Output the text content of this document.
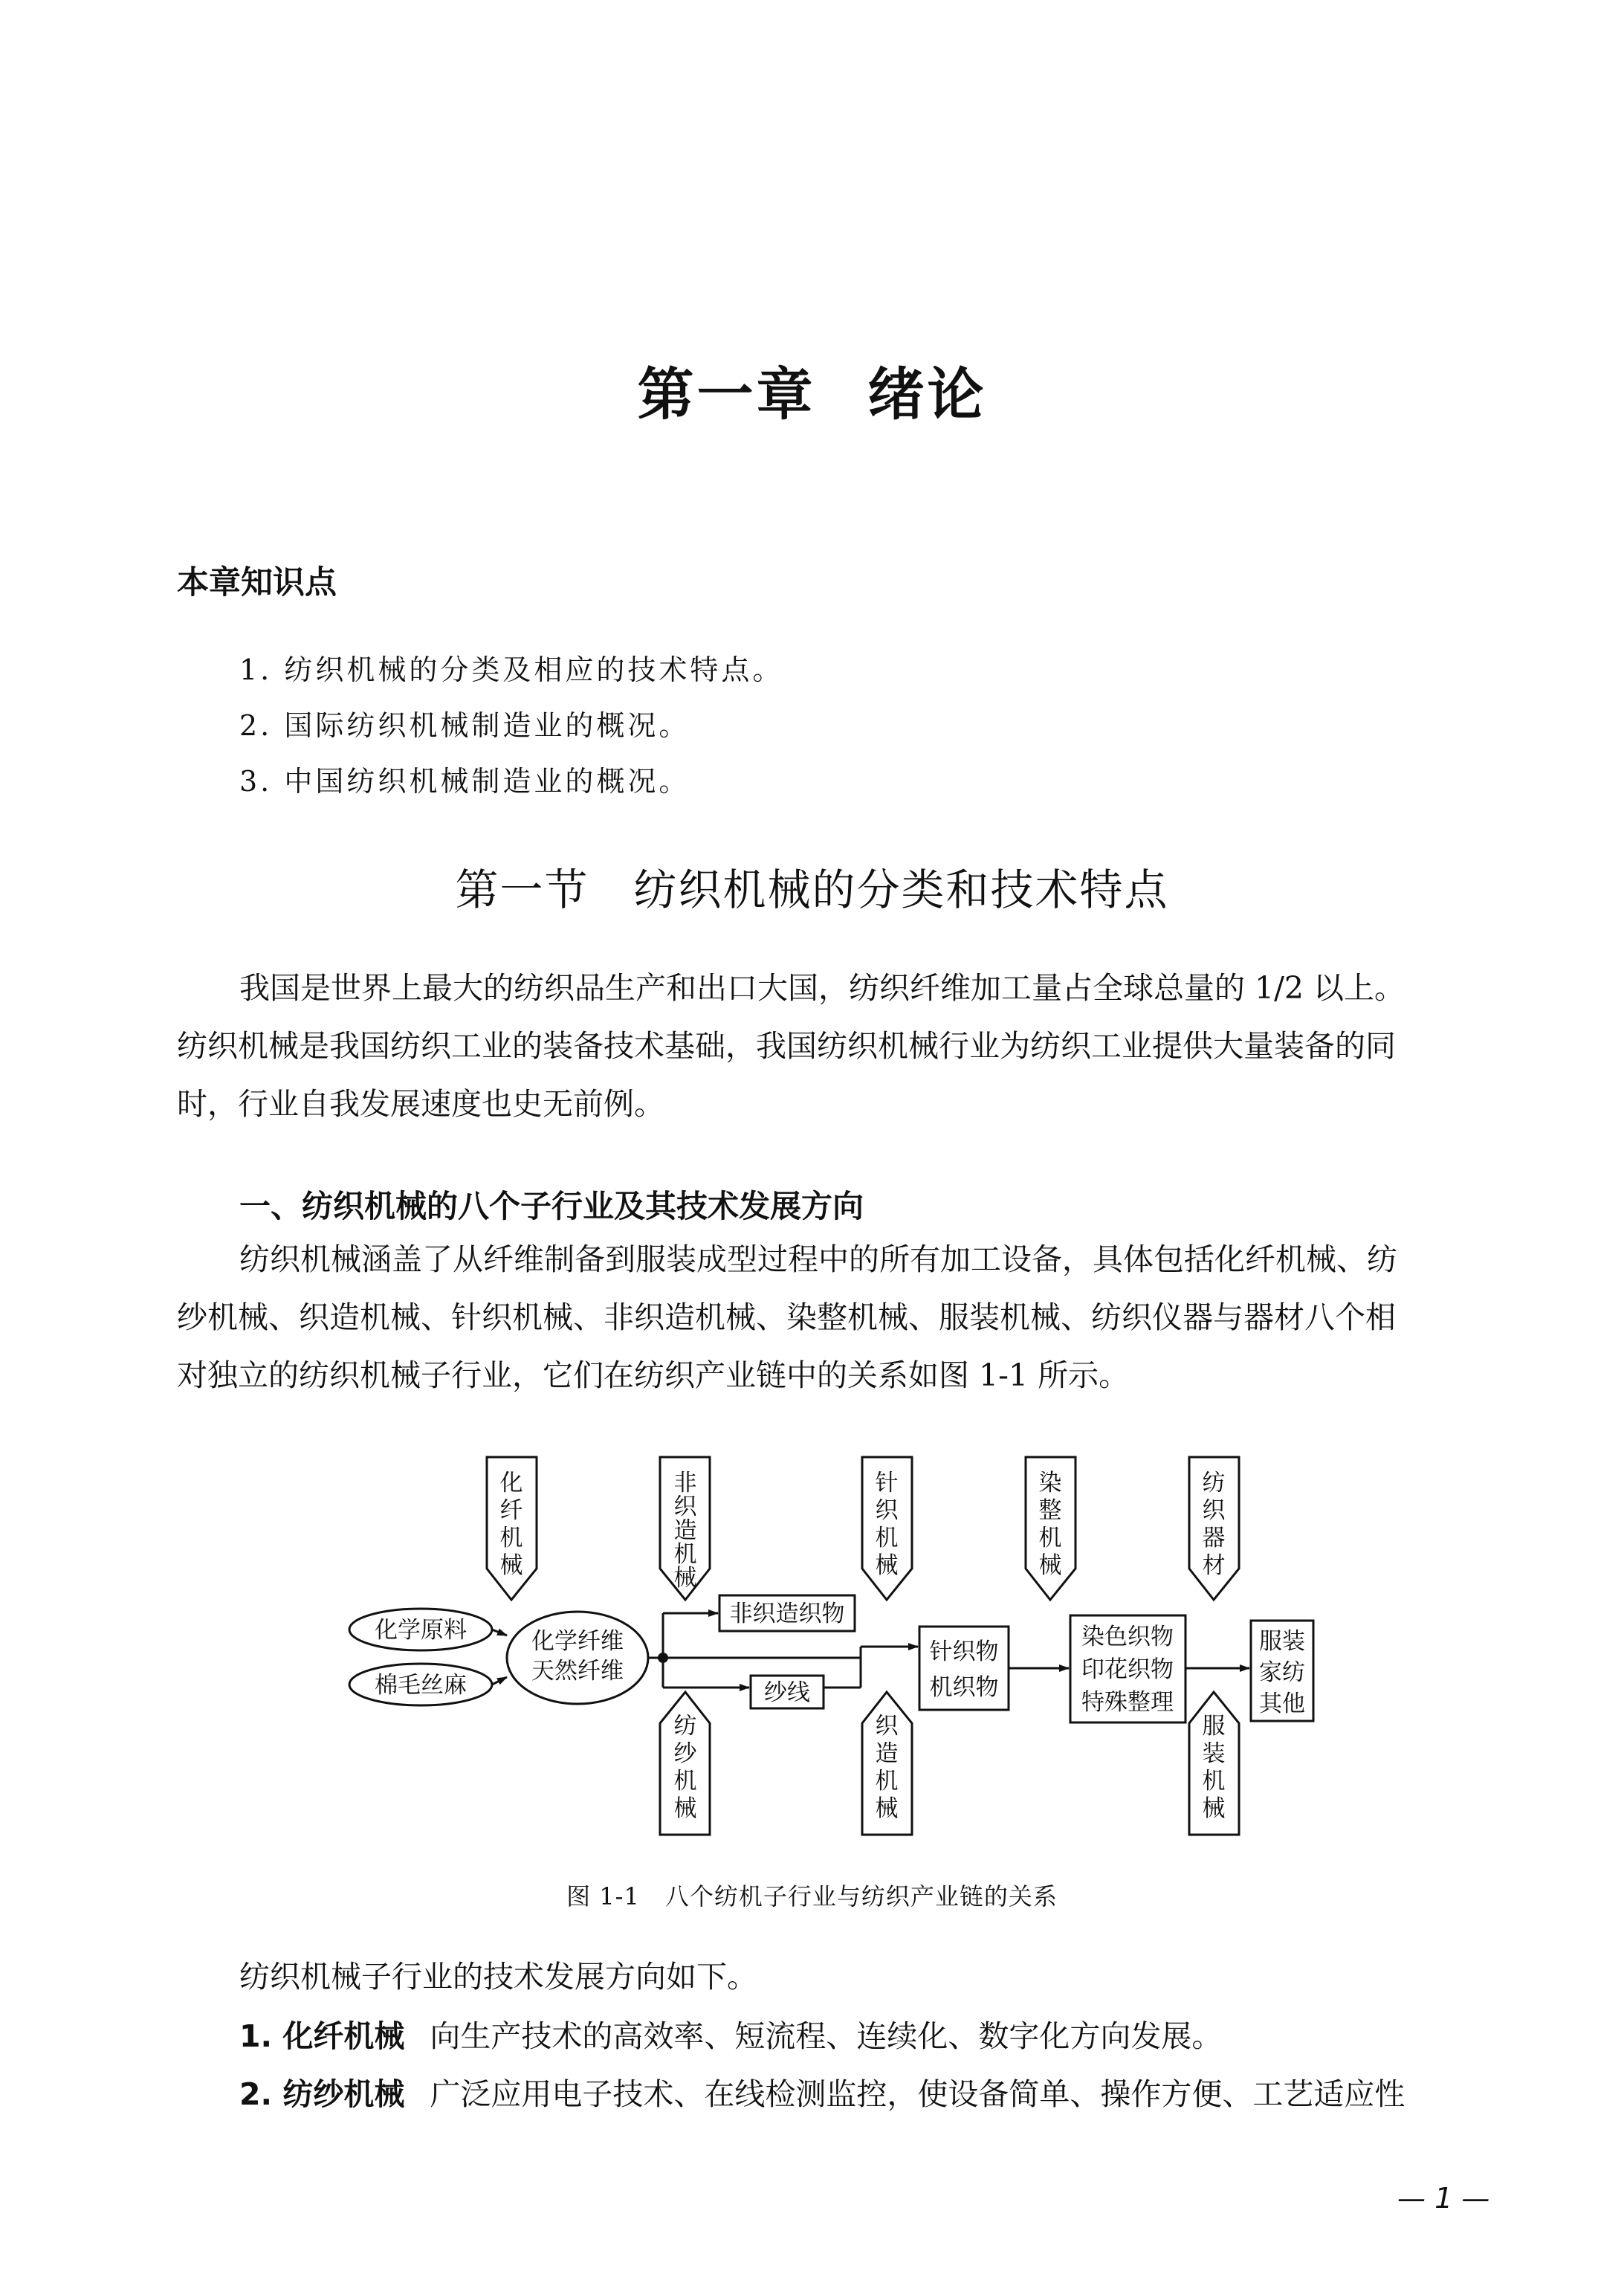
第一章 绪论
本章知识点
1. 纺织机械的分类及相应的技术特点。
2. 国际纺织机械制造业的概况。
3. 中国纺织机械制造业的概况。
第一节 纺织机械的分类和技术特点
我国是世界上最大的纺织品生产和出口大国，纺织纤维加工量占全球总量的 1/2 以上。
纺织机械是我国纺织工业的装备技术基础，我国纺织机械行业为纺织工业提供大量装备的同
时，行业自我发展速度也史无前例。
一、纺织机械的八个子行业及其技术发展方向
纺织机械涵盖了从纤维制备到服装成型过程中的所有加工设备，具体包括化纤机械、纺
纱机械、织造机械、针织机械、非织造机械、染整机械、服装机械、纺织仪器与器材八个相
对独立的纺织机械子行业，它们在纺织产业链中的关系如图 1-1 所示。
化
纤
机
械
非
织
造
机
械
针
织
机
械
染
整
机
械
纺
织
器
材
纺
纱
机
械
织
造
机
械
服
装
机
械
化学原料
棉毛丝麻
化学纤维
天然纤维
非织造织物
纱线
针织物
机织物
染色织物
印花织物
特殊整理
服装
家纺
其他
图 1-1 八个纺机子行业与纺织产业链的关系
纺织机械子行业的技术发展方向如下。
1. 化纤机械 向生产技术的高效率、短流程、连续化、数字化方向发展。
2. 纺纱机械 广泛应用电子技术、在线检测监控，使设备简单、操作方便、工艺适应性
— 1 —
